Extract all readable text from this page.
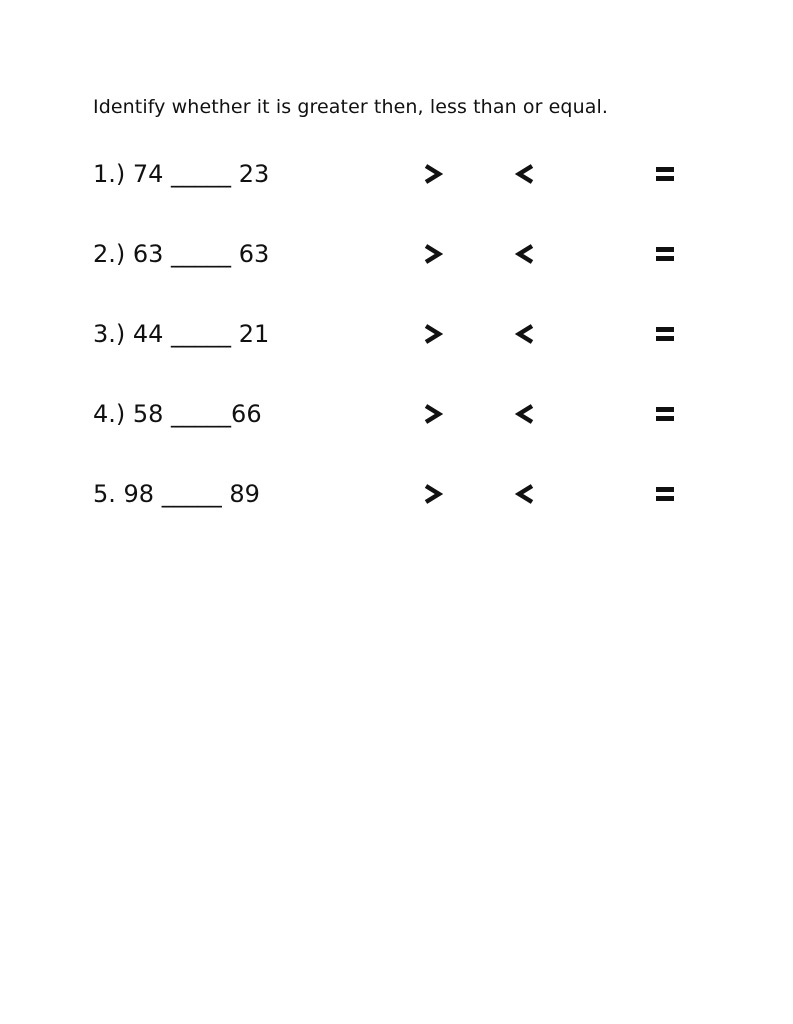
Identify whether it is greater then, less than or equal.
1.) 74 _____ 23
2.) 63 _____ 63
3.) 44 _____ 21
4.) 58 _____66
5. 98 _____ 89
